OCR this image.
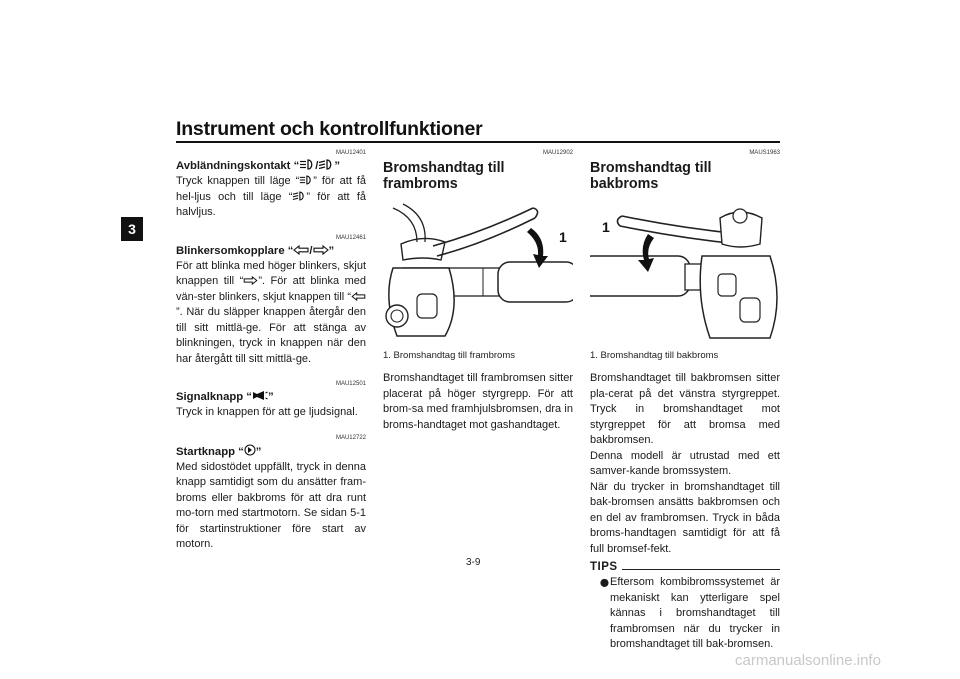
Instrument och kontrollfunktioner
3
MAU12401
Avbländningskontakt “ / ”

Tryck knappen till läge “ ” för att få hel-ljus och till läge “ ” för att få halvljus.

MAU12461
Blinkersomkopplare “ / ”

För att blinka med höger blinkers, skjut knappen till “ ”. För att blinka med vän-ster blinkers, skjut knappen till “”. När du släpper knappen återgår den till sitt mittlä-ge. För att stänga av blinkningen, tryck in knappen när den har återgått till sitt mittlä-ge.

MAU12501
Signalknapp “ ”

Tryck in knappen för att ge ljudsignal.

MAU12722
Startknapp “ ”

Med sidostödet uppfällt, tryck in denna knapp samtidigt som du ansätter fram-broms eller bakbroms för att dra runt mo-torn med startmotorn. Se sidan 5-1 för startinstruktioner före start av motorn.

MAU12902
Bromshandtag till frambroms
1
1. Bromshandtag till frambroms

Bromshandtaget till frambromsen sitter placerat på höger styrgrepp. För att brom-sa med framhjulsbromsen, dra in broms-handtaget mot gashandtaget.

MAUS1963
Bromshandtag till bakbroms
1
1. Bromshandtag till bakbroms

Bromshandtaget till bakbromsen sitter pla-cerat på det vänstra styrgreppet. Tryck in bromshandtaget mot styrgreppet för att bromsa med bakbromsen.

Denna modell är utrustad med ett samver-kande bromssystem.

När du trycker in bromshandtaget till bak-bromsen ansätts bakbromsen och en del av frambromsen. Tryck in båda broms-handtagen samtidigt för att få full bromsef-fekt.

TIPS
⬤ Eftersom kombibromssystemet är mekaniskt kan ytterligare spel kännas i bromshandtaget till frambromsen när du trycker in bromshandtaget till bak-bromsen.
3-9
carmanualsonline.info
